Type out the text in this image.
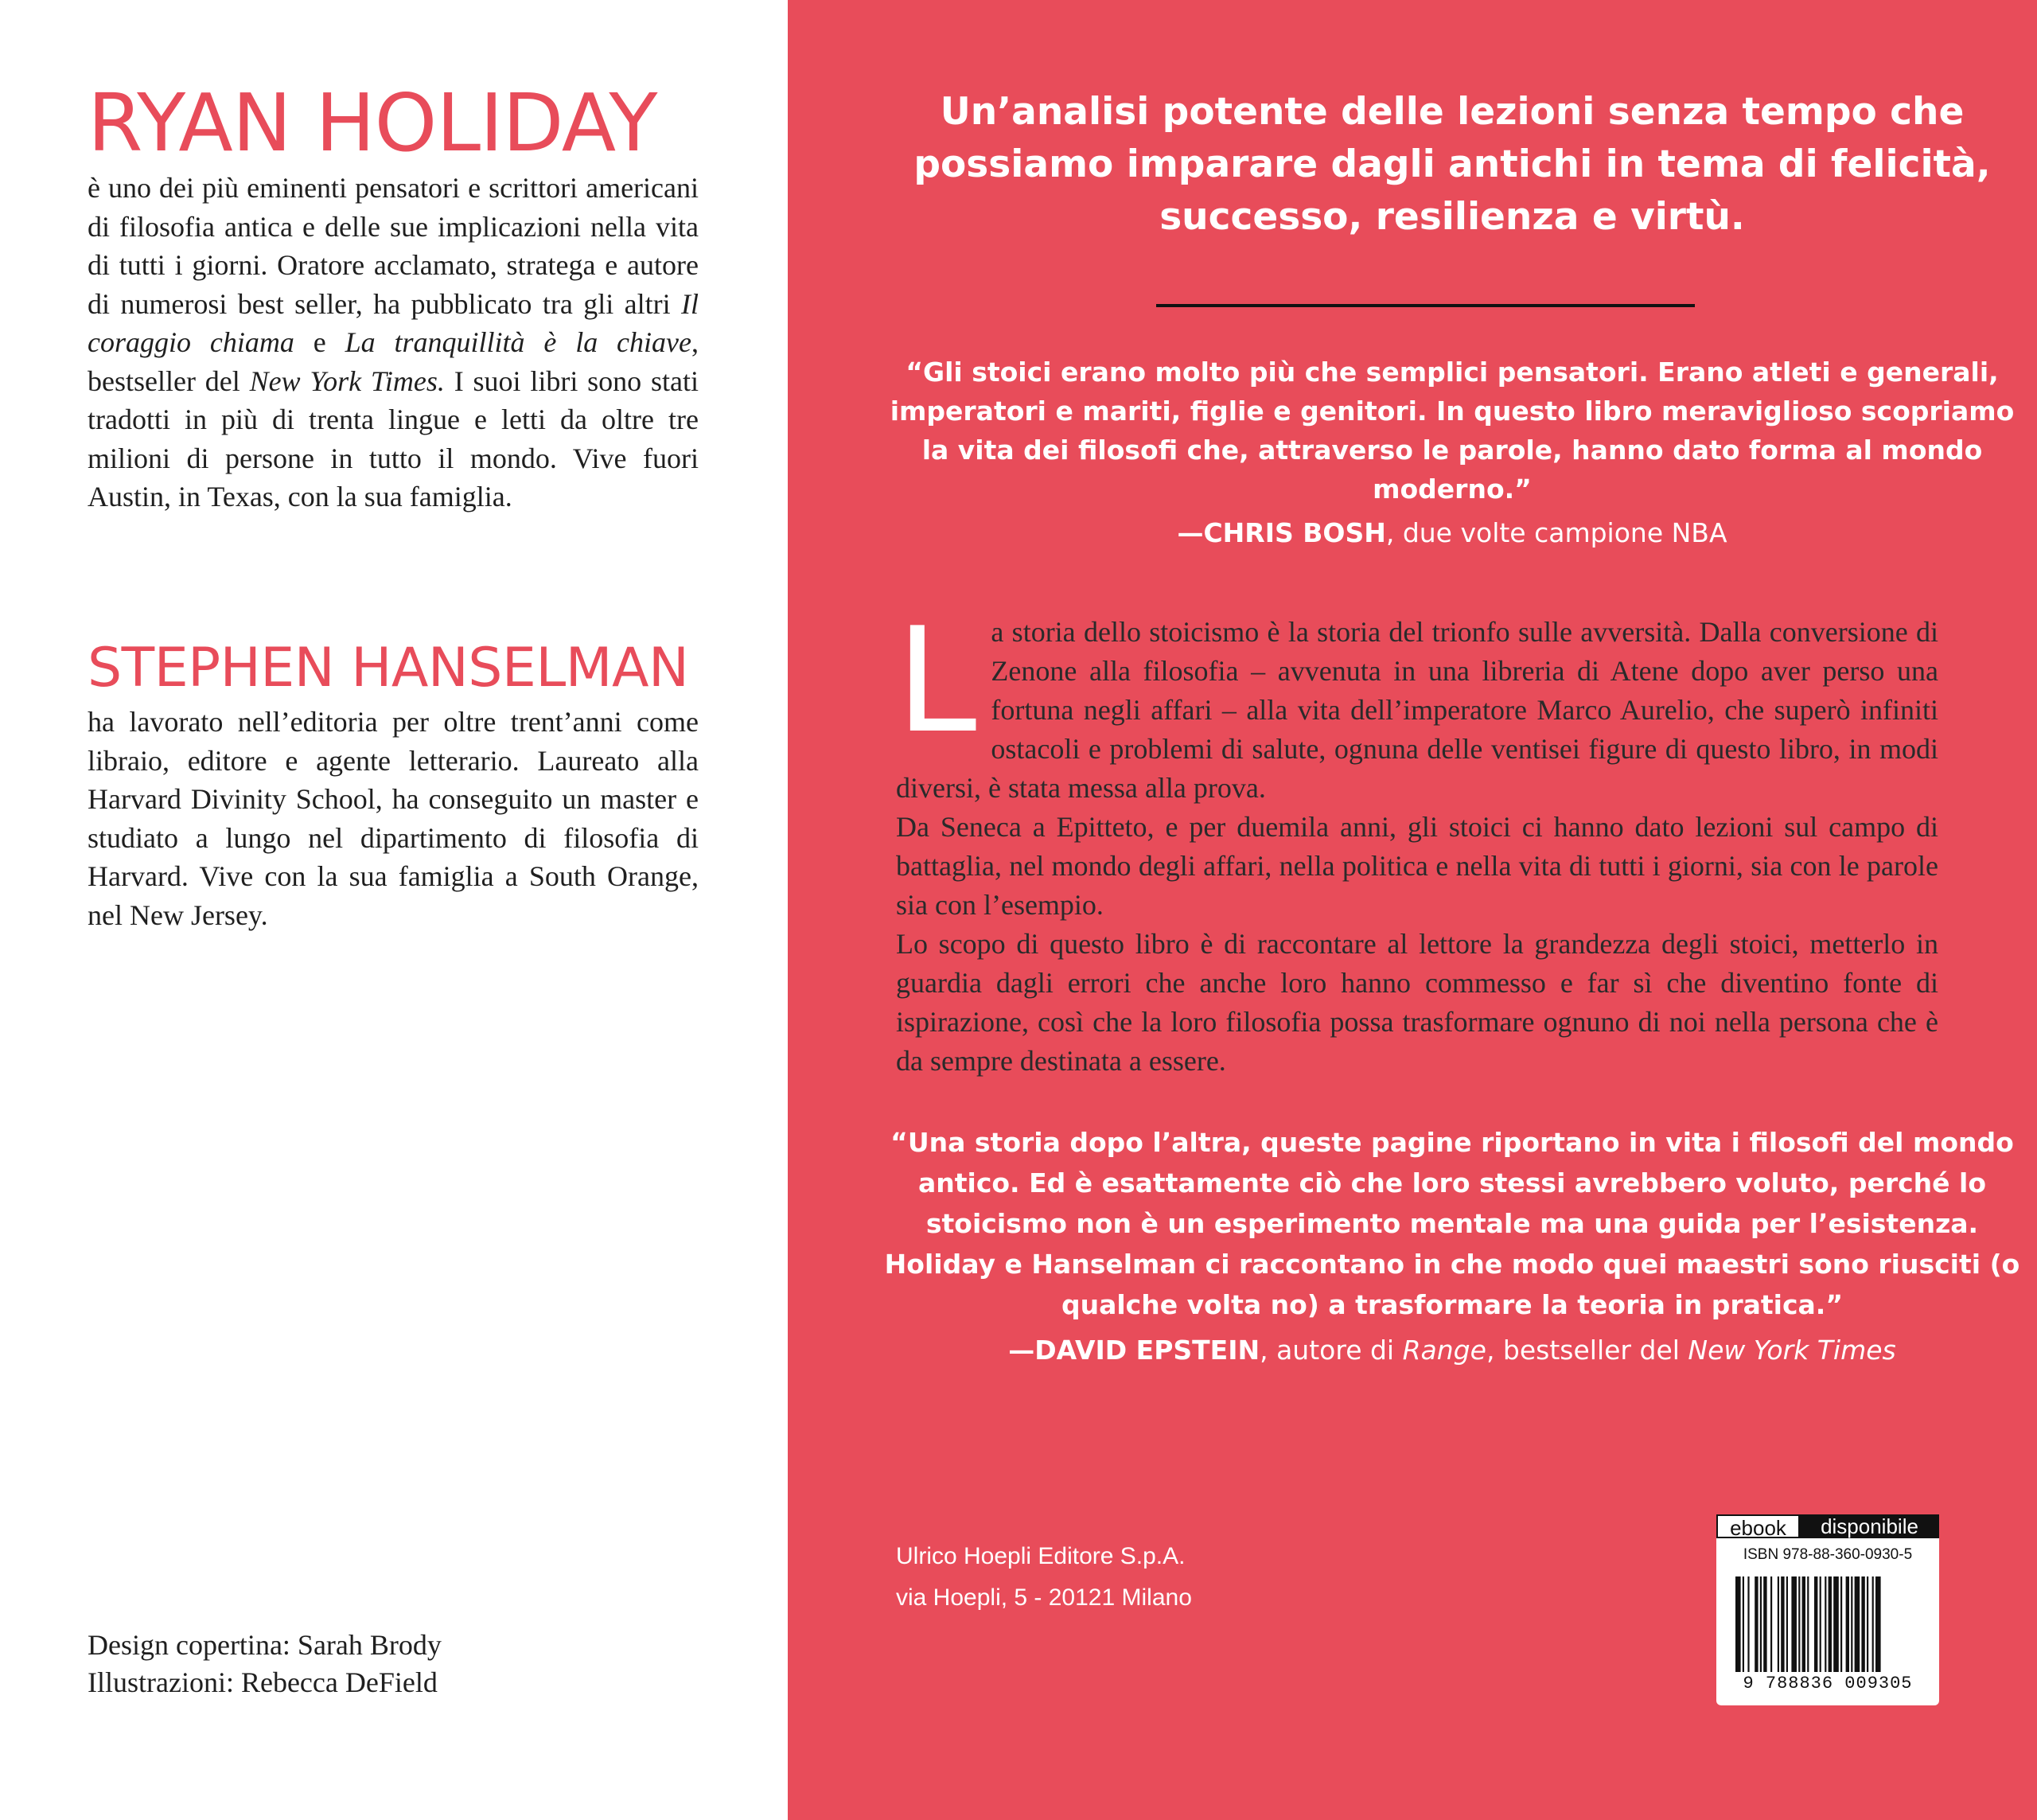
RYAN HOLIDAY

è uno dei più eminenti pensatori e scrittori americani di filosofia antica e delle sue implicazioni nella vita di tutti i giorni. Oratore acclamato, stratega e autore di numerosi best seller, ha pubblicato tra gli altri Il coraggio chiama e La tranquillità è la chiave, bestseller del New York Times. I suoi libri sono stati tradotti in più di trenta lingue e letti da oltre tre milioni di persone in tutto il mondo. Vive fuori Austin, in Texas, con la sua famiglia.

STEPHEN HANSELMAN

ha lavorato nell’editoria per oltre trent’anni come libraio, editore e agente letterario. Laureato alla Harvard Divinity School, ha conseguito un master e studiato a lungo nel dipartimento di filosofia di Harvard. Vive con la sua famiglia a South Orange, nel New Jersey.

Design copertina: Sarah Brody
Illustrazioni: Rebecca DeField

Un’analisi potente delle lezioni senza tempo che possiamo imparare dagli antichi in tema di felicità, successo, resilienza e virtù.

“Gli stoici erano molto più che semplici pensatori. Erano atleti e generali, imperatori e mariti, figlie e genitori. In questo libro meraviglioso scopriamo la vita dei filosofi che, attraverso le parole, hanno dato forma al mondo moderno.”
—CHRIS BOSH, due volte campione NBA
L a storia dello stoicismo è la storia del trionfo sulle avversità. Dalla conversione di Zenone alla filosofia – avvenuta in una libreria di Atene dopo aver perso una fortuna negli affari – alla vita dell’imperatore Marco Aurelio, che superò infiniti ostacoli e problemi di salute, ognuna delle ventisei figure di questo libro, in modi diversi, è stata messa alla prova.

Da Seneca a Epitteto, e per duemila anni, gli stoici ci hanno dato lezioni sul campo di battaglia, nel mondo degli affari, nella politica e nella vita di tutti i giorni, sia con le parole sia con l’esempio.

Lo scopo di questo libro è di raccontare al lettore la grandezza degli stoici, metterlo in guardia dagli errori che anche loro hanno commesso e far sì che diventino fonte di ispirazione, così che la loro filosofia possa trasformare ognuno di noi nella persona che è da sempre destinata a essere.

“Una storia dopo l’altra, queste pagine riportano in vita i filosofi del mondo antico. Ed è esattamente ciò che loro stessi avrebbero voluto, perché lo stoicismo non è un esperimento mentale ma una guida per l’esistenza. Holiday e Hanselman ci raccontano in che modo quei maestri sono riusciti (o qualche volta no) a trasformare la teoria in pratica.”
—DAVID EPSTEIN, autore di Range, bestseller del New York Times
Ulrico Hoepli Editore S.p.A.
via Hoepli, 5 - 20121 Milano
ebook	disponibile
ISBN 978-88-360-0930-5
9 788836 009305
